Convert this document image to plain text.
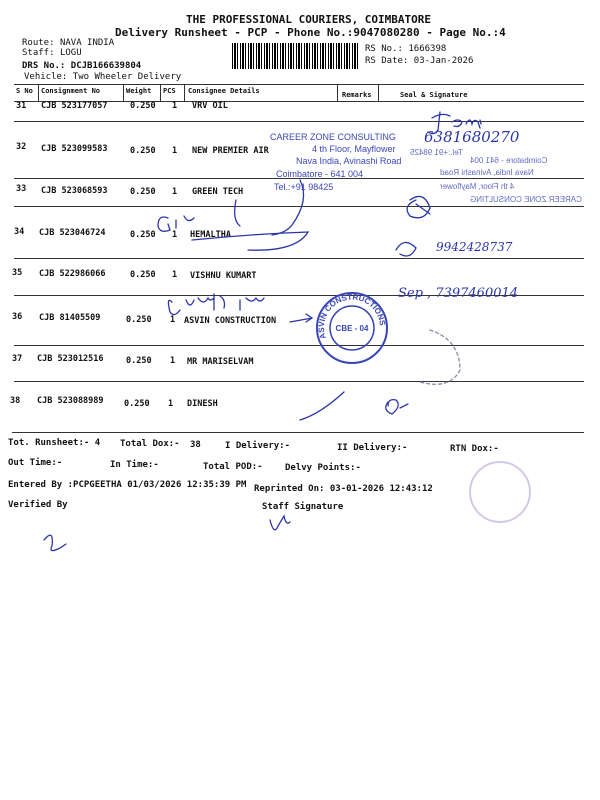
THE PROFESSIONAL COURIERS, COIMBATORE
Delivery Runsheet - PCP - Phone No.:9047080280 - Page No.:4
Route: NAVA INDIA
Staff: LOGU
DRS No.: DCJB166639804
Vehicle: Two Wheeler Delivery
RS No.: 1666398
RS Date: 03-Jan-2026
S No Consignment No	Weight PCS Consignee Details	Remarks	Seal & Signature
31 CJB 523177057	0.250 1 VRV OIL
32 CJB 523099583	0.250 1 NEW PREMIER AIR
33 CJB 523068593	0.250 1 GREEN TECH
34 CJB 523046724	0.250 1 HEMALTHA
35 CJB 522986066	0.250 1 VISHNU KUMART
36 CJB 81405509	0.250 1 ASVIN CONSTRUCTION
37 CJB 523012516	0.250 1 MR MARISELVAM
38 CJB 523088989 0.250 1 DINESH
Tot. Runsheet:- 4 Total Dox:- 38	I Delivery:-	II Delivery:-	RTN Dox:-
Out Time:-	In Time:-	Total POD:- Delvy Points:-
Entered By :PCPGEETHA 01/03/2026 12:35:39 PM Reprinted On: 03-01-2026 12:43:12
Verified By	Staff Signature
CAREER ZONE CONSULTING
4 th Floor, Mayflower
Nava India, Avinashi Road
Coimbatore - 641 004
Tel.:+91 98425
Tel.:+91 98425
Coimbatore - 641 004
Nava India, Avinashi Road
4 th Floor, Mayflower
CAREER ZONE CONSULTING
6381680270
9942428737
Sep , 7397460014
ASVIN CONSTRUCTIONS
CBE - 04
